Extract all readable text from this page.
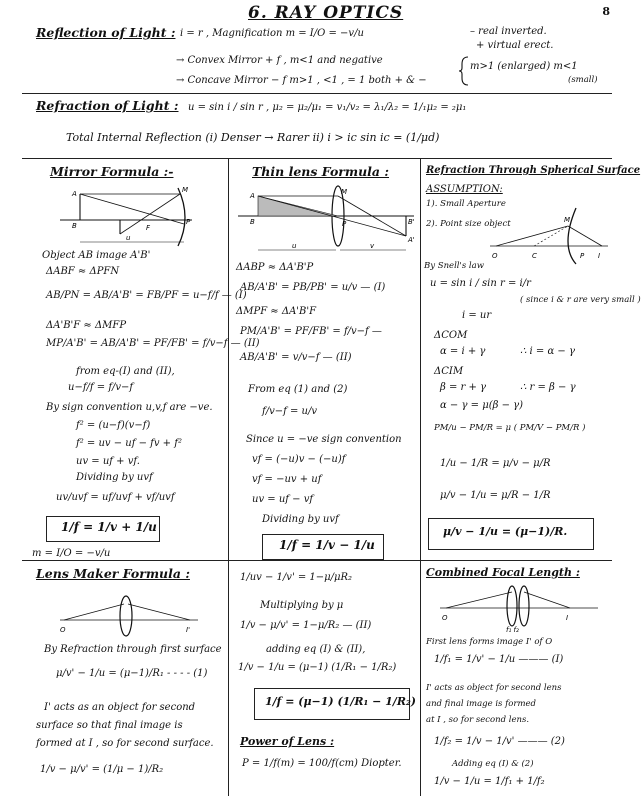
6. RAY OPTICS	8
Reflection of Light : i = r , Magnification m = I/O = −v/u	– real inverted.
+ virtual erect.
→ Convex Mirror + f , m<1 and negative
→ Concave Mirror − f m>1 , <1 , = 1 both + & −
m>1 (enlarged) m<1
(small)
Refraction of Light : u = sin i / sin r , μ₂ = μ₂/μ₁ = v₁/v₂ = λ₁/λ₂ = 1/₁μ₂ = ₂μ₁
Total Internal Reflection (i) Denser → Rarer ii) i > ic sin ic = (1/μd)
Mirror Formula :-
A
B	F
P
M
u
Object AB image A'B'
ΔABF ≈ ΔPFN
AB/PN = AB/A'B' = FB/PF = u−f/f — (I)
ΔA'B'F ≈ ΔMFP
MP/A'B' = AB/A'B' = PF/FB' = f/v−f — (II)
from eq-(I) and (II),
u−f/f = f/v−f
By sign convention u,v,f are −ve.
f² = (u−f)(v−f)
f² = uv − uf − fv + f²
uv = uf + vf.
Dividing by uvf
uv/uvf = uf/uvf + vf/uvf
1/f = 1/v + 1/u
m = I/O = −v/u
Thin lens Formula :
A
B
M
P	B'
A'
u	v
ΔABP ≈ ΔA'B'P
AB/A'B' = PB/PB' = u/v — (I)
ΔMPF ≈ ΔA'B'F
PM/A'B' = PF/FB' = f/v−f —
AB/A'B' = v/v−f — (II)
From eq (1) and (2)
f/v−f = u/v
Since u = −ve sign convention
vf = (−u)v − (−u)f
vf = −uv + uf
uv = uf − vf
Dividing by uvf
1/f = 1/v − 1/u
Refraction Through Spherical Surface
ASSUMPTION:
1). Small Aperture
2). Point size object
O	C	I
M
P
By Snell's law
u = sin i / sin r = i/r
( since i & r are very small )
i = ur
ΔCOM
α = i + γ	∴ i = α − γ
ΔCIM
β = r + γ	∴ r = β − γ
α − γ = μ(β − γ)
PM/u − PM/R = μ ( PM/V − PM/R )
1/u − 1/R = μ/v − μ/R
μ/v − 1/u = μ/R − 1/R
μ/v − 1/u = (μ−1)/R.
Lens Maker Formula :
O	I'
By Refraction through first surface
μ/v' − 1/u = (μ−1)/R₁ - - - - (1)
I' acts as an object for second
surface so that final image is
formed at I , so for second surface.
1/v − μ/v' = (1/μ − 1)/R₂
1/uv − 1/v' = 1−μ/μR₂
Multiplying by μ
1/v − μ/v' = 1−μ/R₂ — (II)
adding eq (I) & (II),
1/v − 1/u = (μ−1) (1/R₁ − 1/R₂)
1/f = (μ−1) (1/R₁ − 1/R₂)
Power of Lens :
P = 1/f(m) = 100/f(cm) Diopter.
Combined Focal Length :
O	I
f₁ f₂
First lens forms image I' of O
1/f₁ = 1/v' − 1/u ——— (I)
I' acts as object for second lens
and final image is formed
at I , so for second lens.
1/f₂ = 1/v − 1/v' ——— (2)
Adding eq (I) & (2)
1/v − 1/u = 1/f₁ + 1/f₂
